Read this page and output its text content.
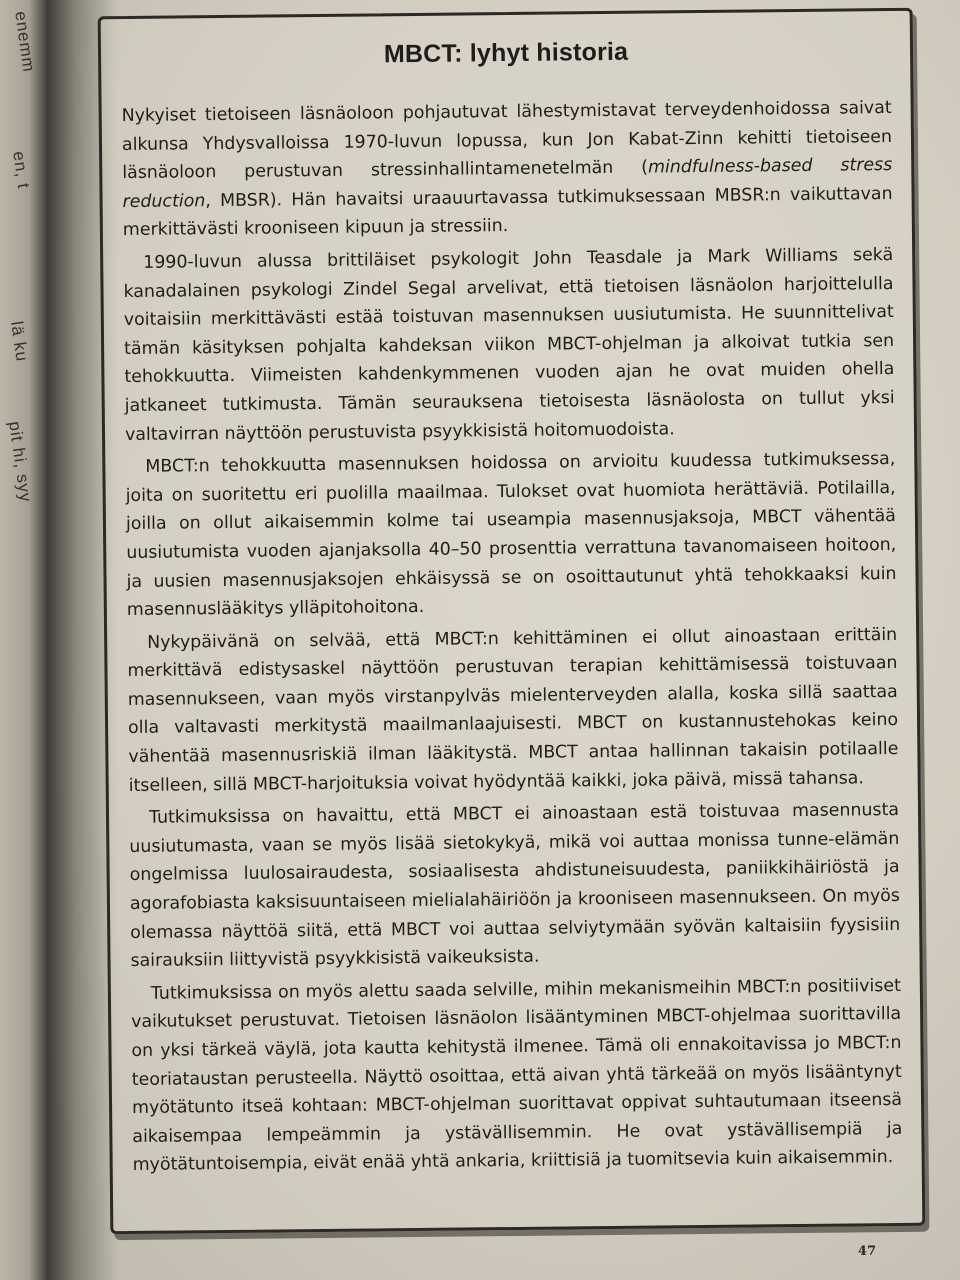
enemm
en, t
lä ku
pit hi, syy
MBCT: lyhyt historia

Nykyiset tietoiseen läsnäoloon pohjautuvat lähestymistavat terveydenhoidossa saivat alkunsa Yhdysvalloissa 1970-luvun lopussa, kun Jon Kabat-Zinn kehitti tietoiseen läsnäoloon perustuvan stressinhallintamenetelmän (mindfulness-based stress reduction, MBSR). Hän havaitsi uraauurtavassa tutkimuksessaan MBSR:n vaikuttavan merkittävästi krooniseen kipuun ja stressiin.

1990-luvun alussa brittiläiset psykologit John Teasdale ja Mark Williams sekä kanadalainen psykologi Zindel Segal arvelivat, että tietoisen läsnäolon harjoittelulla voitaisiin merkittävästi estää toistuvan masennuksen uusiutumista. He suunnittelivat tämän käsityksen pohjalta kahdeksan viikon MBCT-ohjelman ja alkoivat tutkia sen tehokkuutta. Viimeisten kahdenkymmenen vuoden ajan he ovat muiden ohella jatkaneet tutkimusta. Tämän seurauksena tietoisesta läsnäolosta on tullut yksi valtavirran näyttöön perustuvista psyykkisistä hoitomuodoista.

MBCT:n tehokkuutta masennuksen hoidossa on arvioitu kuudessa tutkimuksessa, joita on suoritettu eri puolilla maailmaa. Tulokset ovat huomiota herättäviä. Potilailla, joilla on ollut aikaisemmin kolme tai useampia masennusjaksoja, MBCT vähentää uusiutumista vuoden ajanjaksolla 40–50 prosenttia verrattuna tavanomaiseen hoitoon, ja uusien masennusjaksojen ehkäisyssä se on osoittautunut yhtä tehokkaaksi kuin masennuslääkitys ylläpitohoitona.

Nykypäivänä on selvää, että MBCT:n kehittäminen ei ollut ainoastaan erittäin merkittävä edistysaskel näyttöön perustuvan terapian kehittämisessä toistuvaan masennukseen, vaan myös virstanpylväs mielenterveyden alalla, koska sillä saattaa olla valtavasti merkitystä maailmanlaajuisesti. MBCT on kustannustehokas keino vähentää masennusriskiä ilman lääkitystä. MBCT antaa hallinnan takaisin potilaalle itselleen, sillä MBCT-harjoituksia voivat hyödyntää kaikki, joka päivä, missä tahansa.

Tutkimuksissa on havaittu, että MBCT ei ainoastaan estä toistuvaa masennusta uusiutumasta, vaan se myös lisää sietokykyä, mikä voi auttaa monissa tunne-elämän ongelmissa luulosairaudesta, sosiaalisesta ahdistuneisuudesta, paniikkihäiriöstä ja agorafobiasta kaksisuuntaiseen mielialahäiriöön ja krooniseen masennukseen. On myös olemassa näyttöä siitä, että MBCT voi auttaa selviytymään syövän kaltaisiin fyysisiin sairauksiin liittyvistä psyykkisistä vaikeuksista.

Tutkimuksissa on myös alettu saada selville, mihin mekanismeihin MBCT:n positiiviset vaikutukset perustuvat. Tietoisen läsnäolon lisääntyminen MBCT-ohjelmaa suorittavilla on yksi tärkeä väylä, jota kautta kehitystä ilmenee. Tämä oli ennakoitavissa jo MBCT:n teoriataustan perusteella. Näyttö osoittaa, että aivan yhtä tärkeää on myös lisääntynyt myötätunto itseä kohtaan: MBCT-ohjelman suorittavat oppivat suhtautumaan itseensä aikaisempaa lempeämmin ja ystävällisemmin. He ovat ystävällisempiä ja myötätuntoisempia, eivät enää yhtä ankaria, kriittisiä ja tuomitsevia kuin aikaisemmin.

47
